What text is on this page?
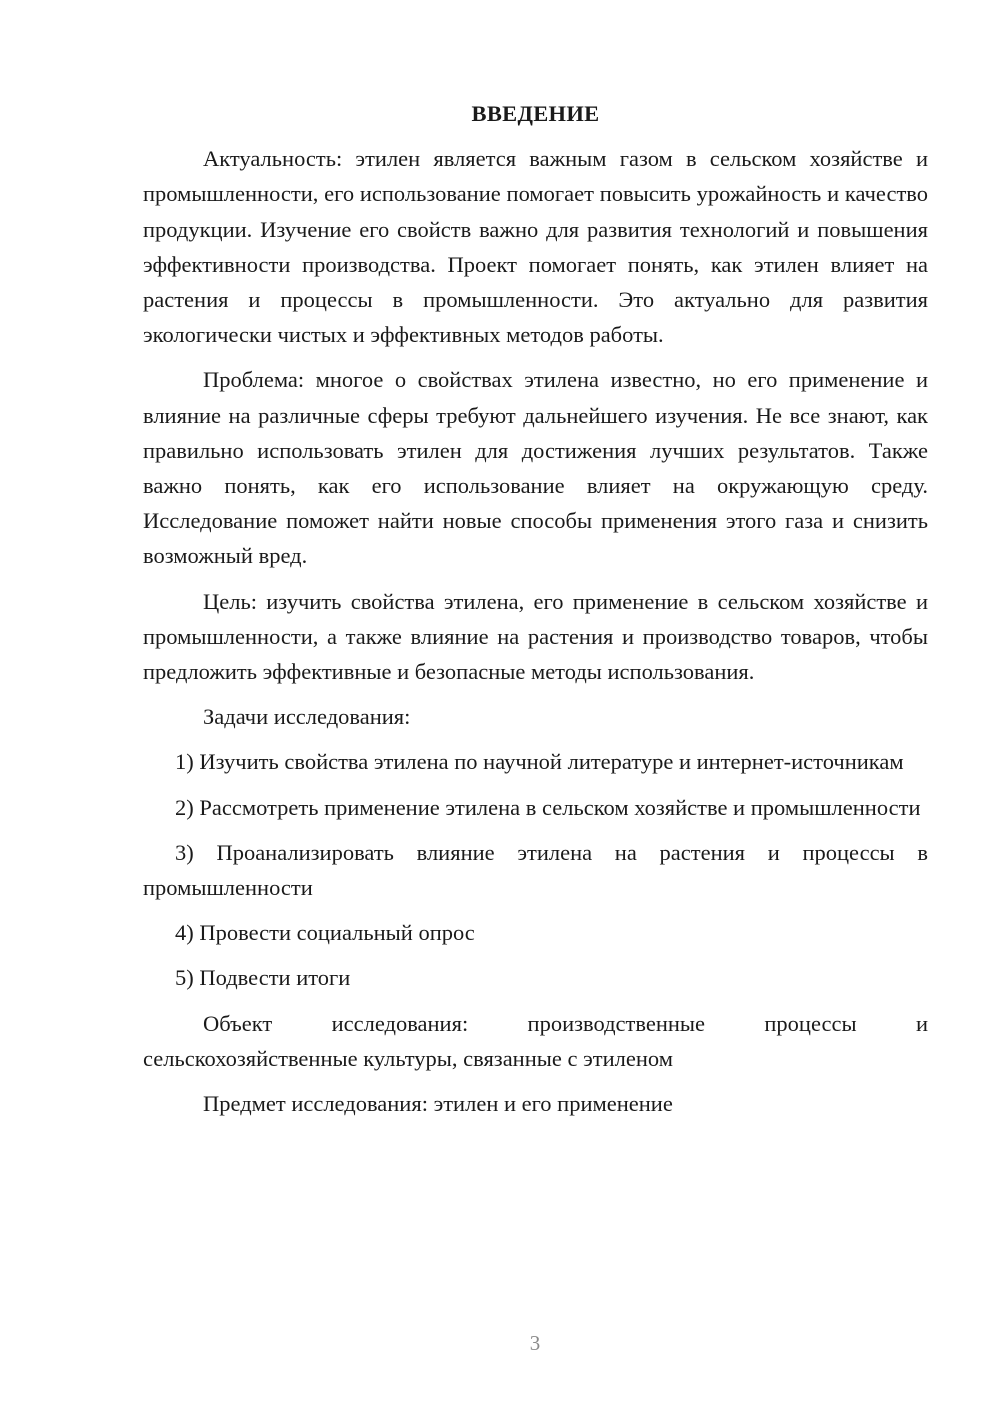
ВВЕДЕНИЕ

Актуальность: этилен является важным газом в сельском хозяйстве и промышленности, его использование помогает повысить урожайность и качество продукции. Изучение его свойств важно для развития технологий и повышения эффективности производства. Проект помогает понять, как этилен влияет на растения и процессы в промышленности. Это актуально для развития экологически чистых и эффективных методов работы.

Проблема: многое о свойствах этилена известно, но его применение и влияние на различные сферы требуют дальнейшего изучения. Не все знают, как правильно использовать этилен для достижения лучших результатов. Также важно понять, как его использование влияет на окружающую среду. Исследование поможет найти новые способы применения этого газа и снизить возможный вред.

Цель: изучить свойства этилена, его применение в сельском хозяйстве и промышленности, а также влияние на растения и производство товаров, чтобы предложить эффективные и безопасные методы использования.

Задачи исследования:

1) Изучить свойства этилена по научной литературе и интернет-источникам

2) Рассмотреть применение этилена в сельском хозяйстве и промышленности

3) Проанализировать влияние этилена на растения и процессы в промышленности

4) Провести социальный опрос

5) Подвести итоги

Объект исследования: производственные процессы и сельскохозяйственные культуры, связанные с этиленом

Предмет исследования: этилен и его применение

3
